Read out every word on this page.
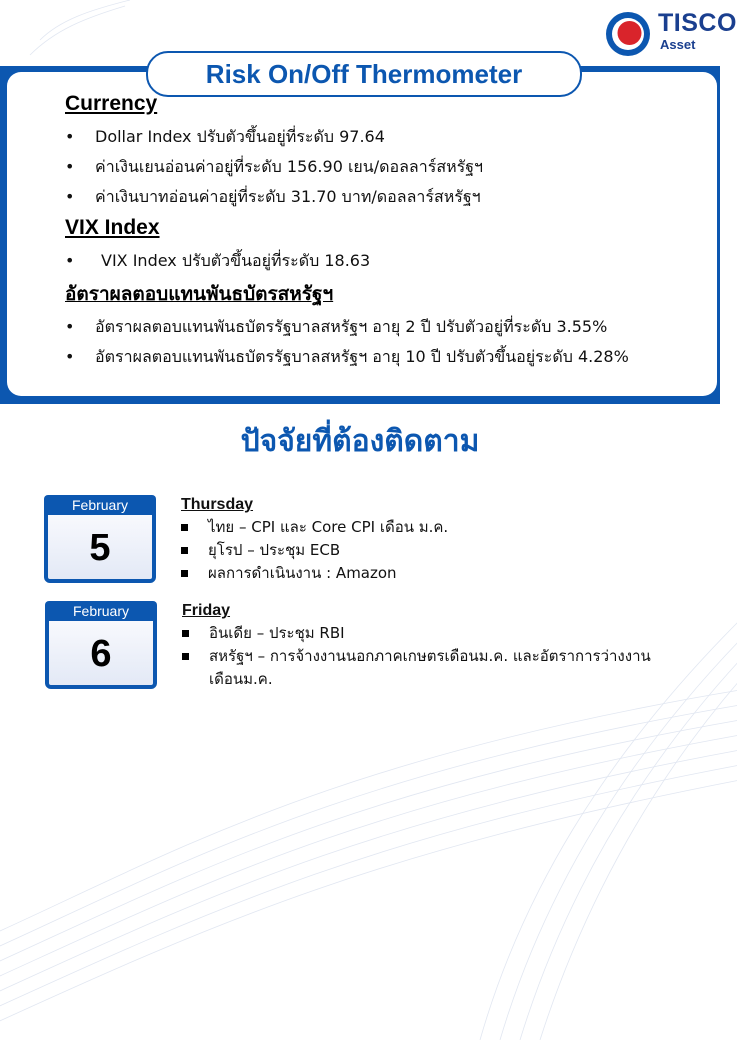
TISCO
Asset
Risk On/Off Thermometer
Currency
• Dollar Index ปรับตัวขึ้นอยู่ที่ระดับ 97.64
• ค่าเงินเยนอ่อนค่าอยู่ที่ระดับ 156.90 เยน/ดอลลาร์สหรัฐฯ
• ค่าเงินบาทอ่อนค่าอยู่ที่ระดับ 31.70 บาท/ดอลลาร์สหรัฐฯ
VIX Index
• VIX Index ปรับตัวขึ้นอยู่ที่ระดับ 18.63
อัตราผลตอบแทนพันธบัตรสหรัฐฯ
• อัตราผลตอบแทนพันธบัตรรัฐบาลสหรัฐฯ อายุ 2 ปี ปรับตัวอยู่ที่ระดับ 3.55%
• อัตราผลตอบแทนพันธบัตรรัฐบาลสหรัฐฯ อายุ 10 ปี ปรับตัวขึ้นอยู่ระดับ 4.28%
ปัจจัยที่ต้องติดตาม
February
5
Thursday
ไทย – CPI และ Core CPI เดือน ม.ค.
ยุโรป – ประชุม ECB
ผลการดำเนินงาน : Amazon
February
6
Friday
อินเดีย – ประชุม RBI
สหรัฐฯ – การจ้างงานนอกภาคเกษตรเดือนม.ค. และอัตราการว่างงานเดือนม.ค.
